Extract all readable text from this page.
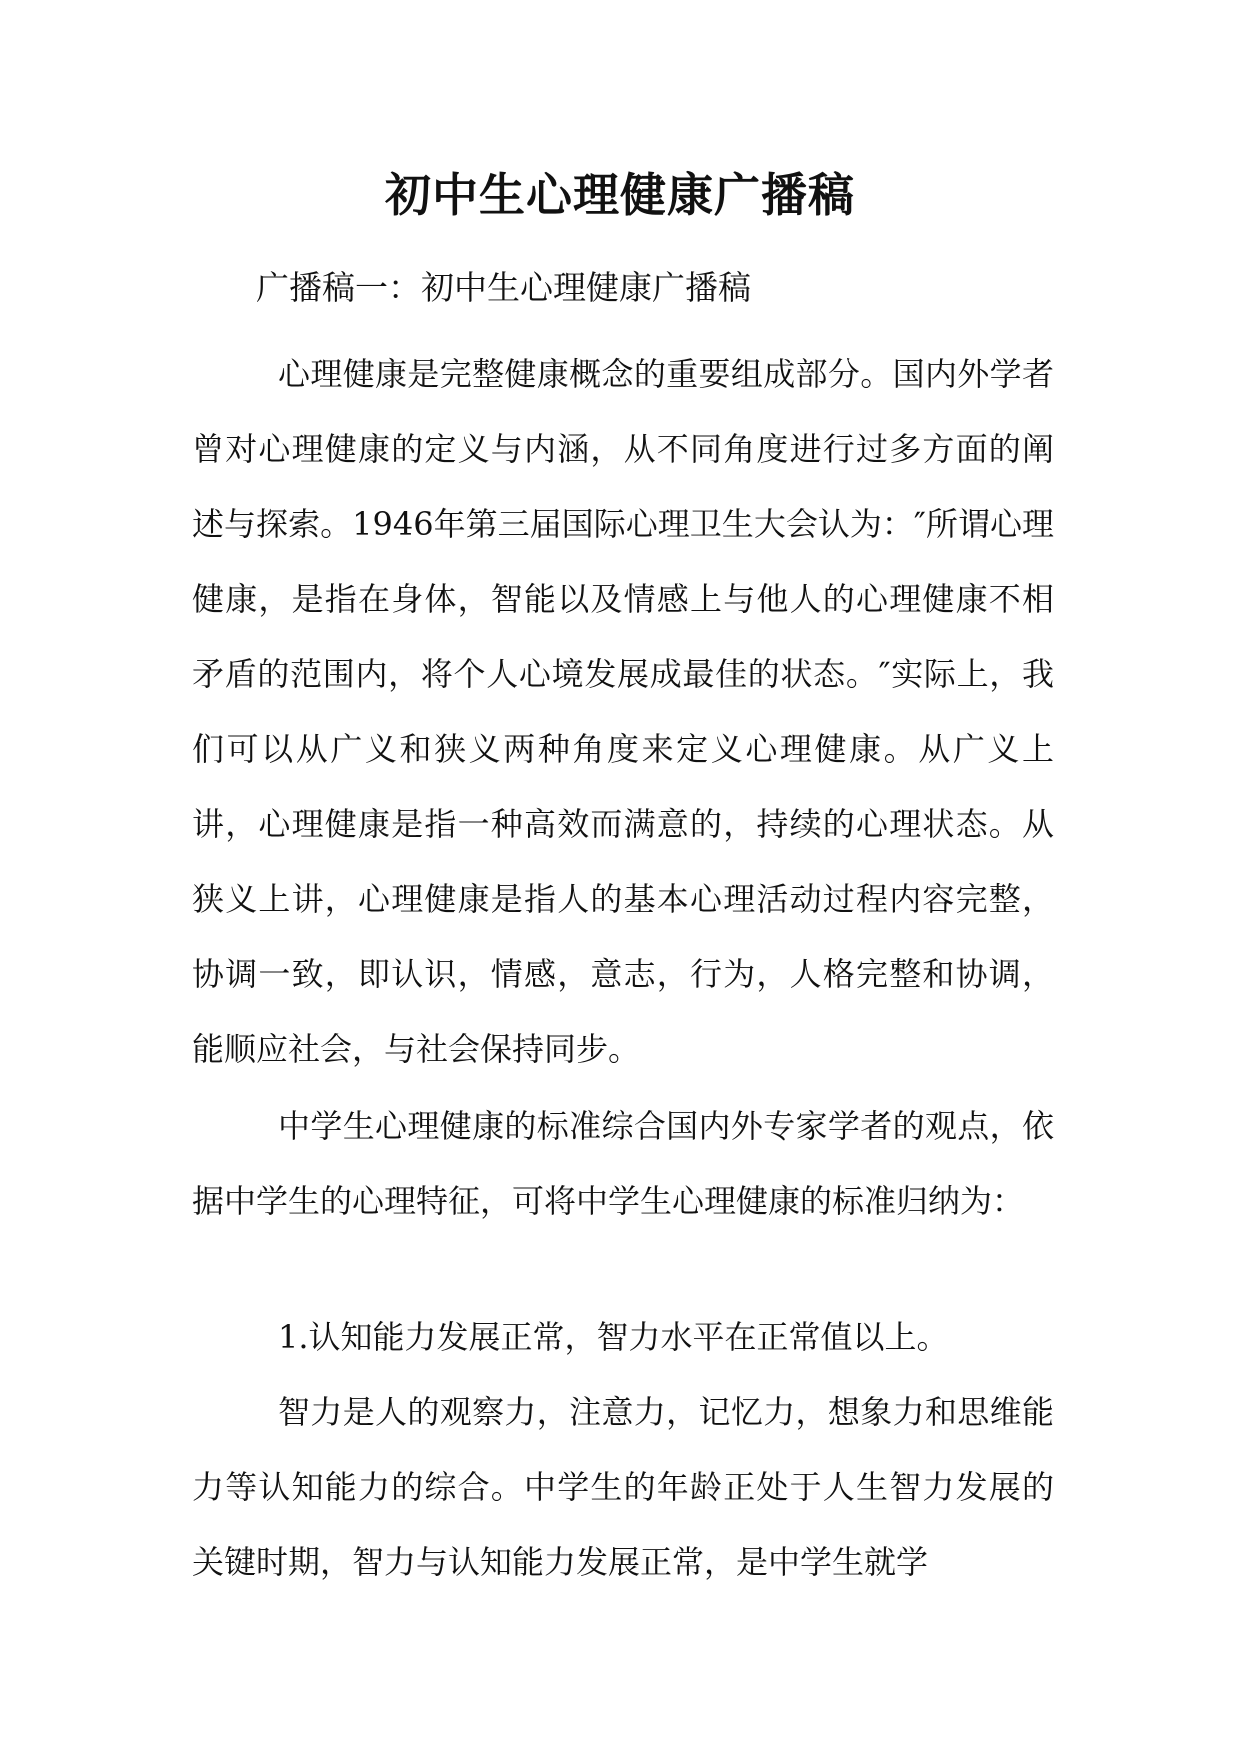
初中生心理健康广播稿

广播稿一：初中生心理健康广播稿

心理健康是完整健康概念的重要组成部分。国内外学者曾对心理健康的定义与内涵，从不同角度进行过多方面的阐述与探索。1946年第三届国际心理卫生大会认为：″所谓心理健康，是指在身体，智能以及情感上与他人的心理健康不相矛盾的范围内，将个人心境发展成最佳的状态。″实际上，我们可以从广义和狭义两种角度来定义心理健康。从广义上讲，心理健康是指一种高效而满意的，持续的心理状态。从狭义上讲，心理健康是指人的基本心理活动过程内容完整，协调一致，即认识，情感，意志，行为，人格完整和协调，能顺应社会，与社会保持同步。

中学生心理健康的标准综合国内外专家学者的观点，依据中学生的心理特征，可将中学生心理健康的标准归纳为：

1.认知能力发展正常，智力水平在正常值以上。

智力是人的观察力，注意力，记忆力，想象力和思维能力等认知能力的综合。中学生的年龄正处于人生智力发展的关键时期，智力与认知能力发展正常，是中学生就学
